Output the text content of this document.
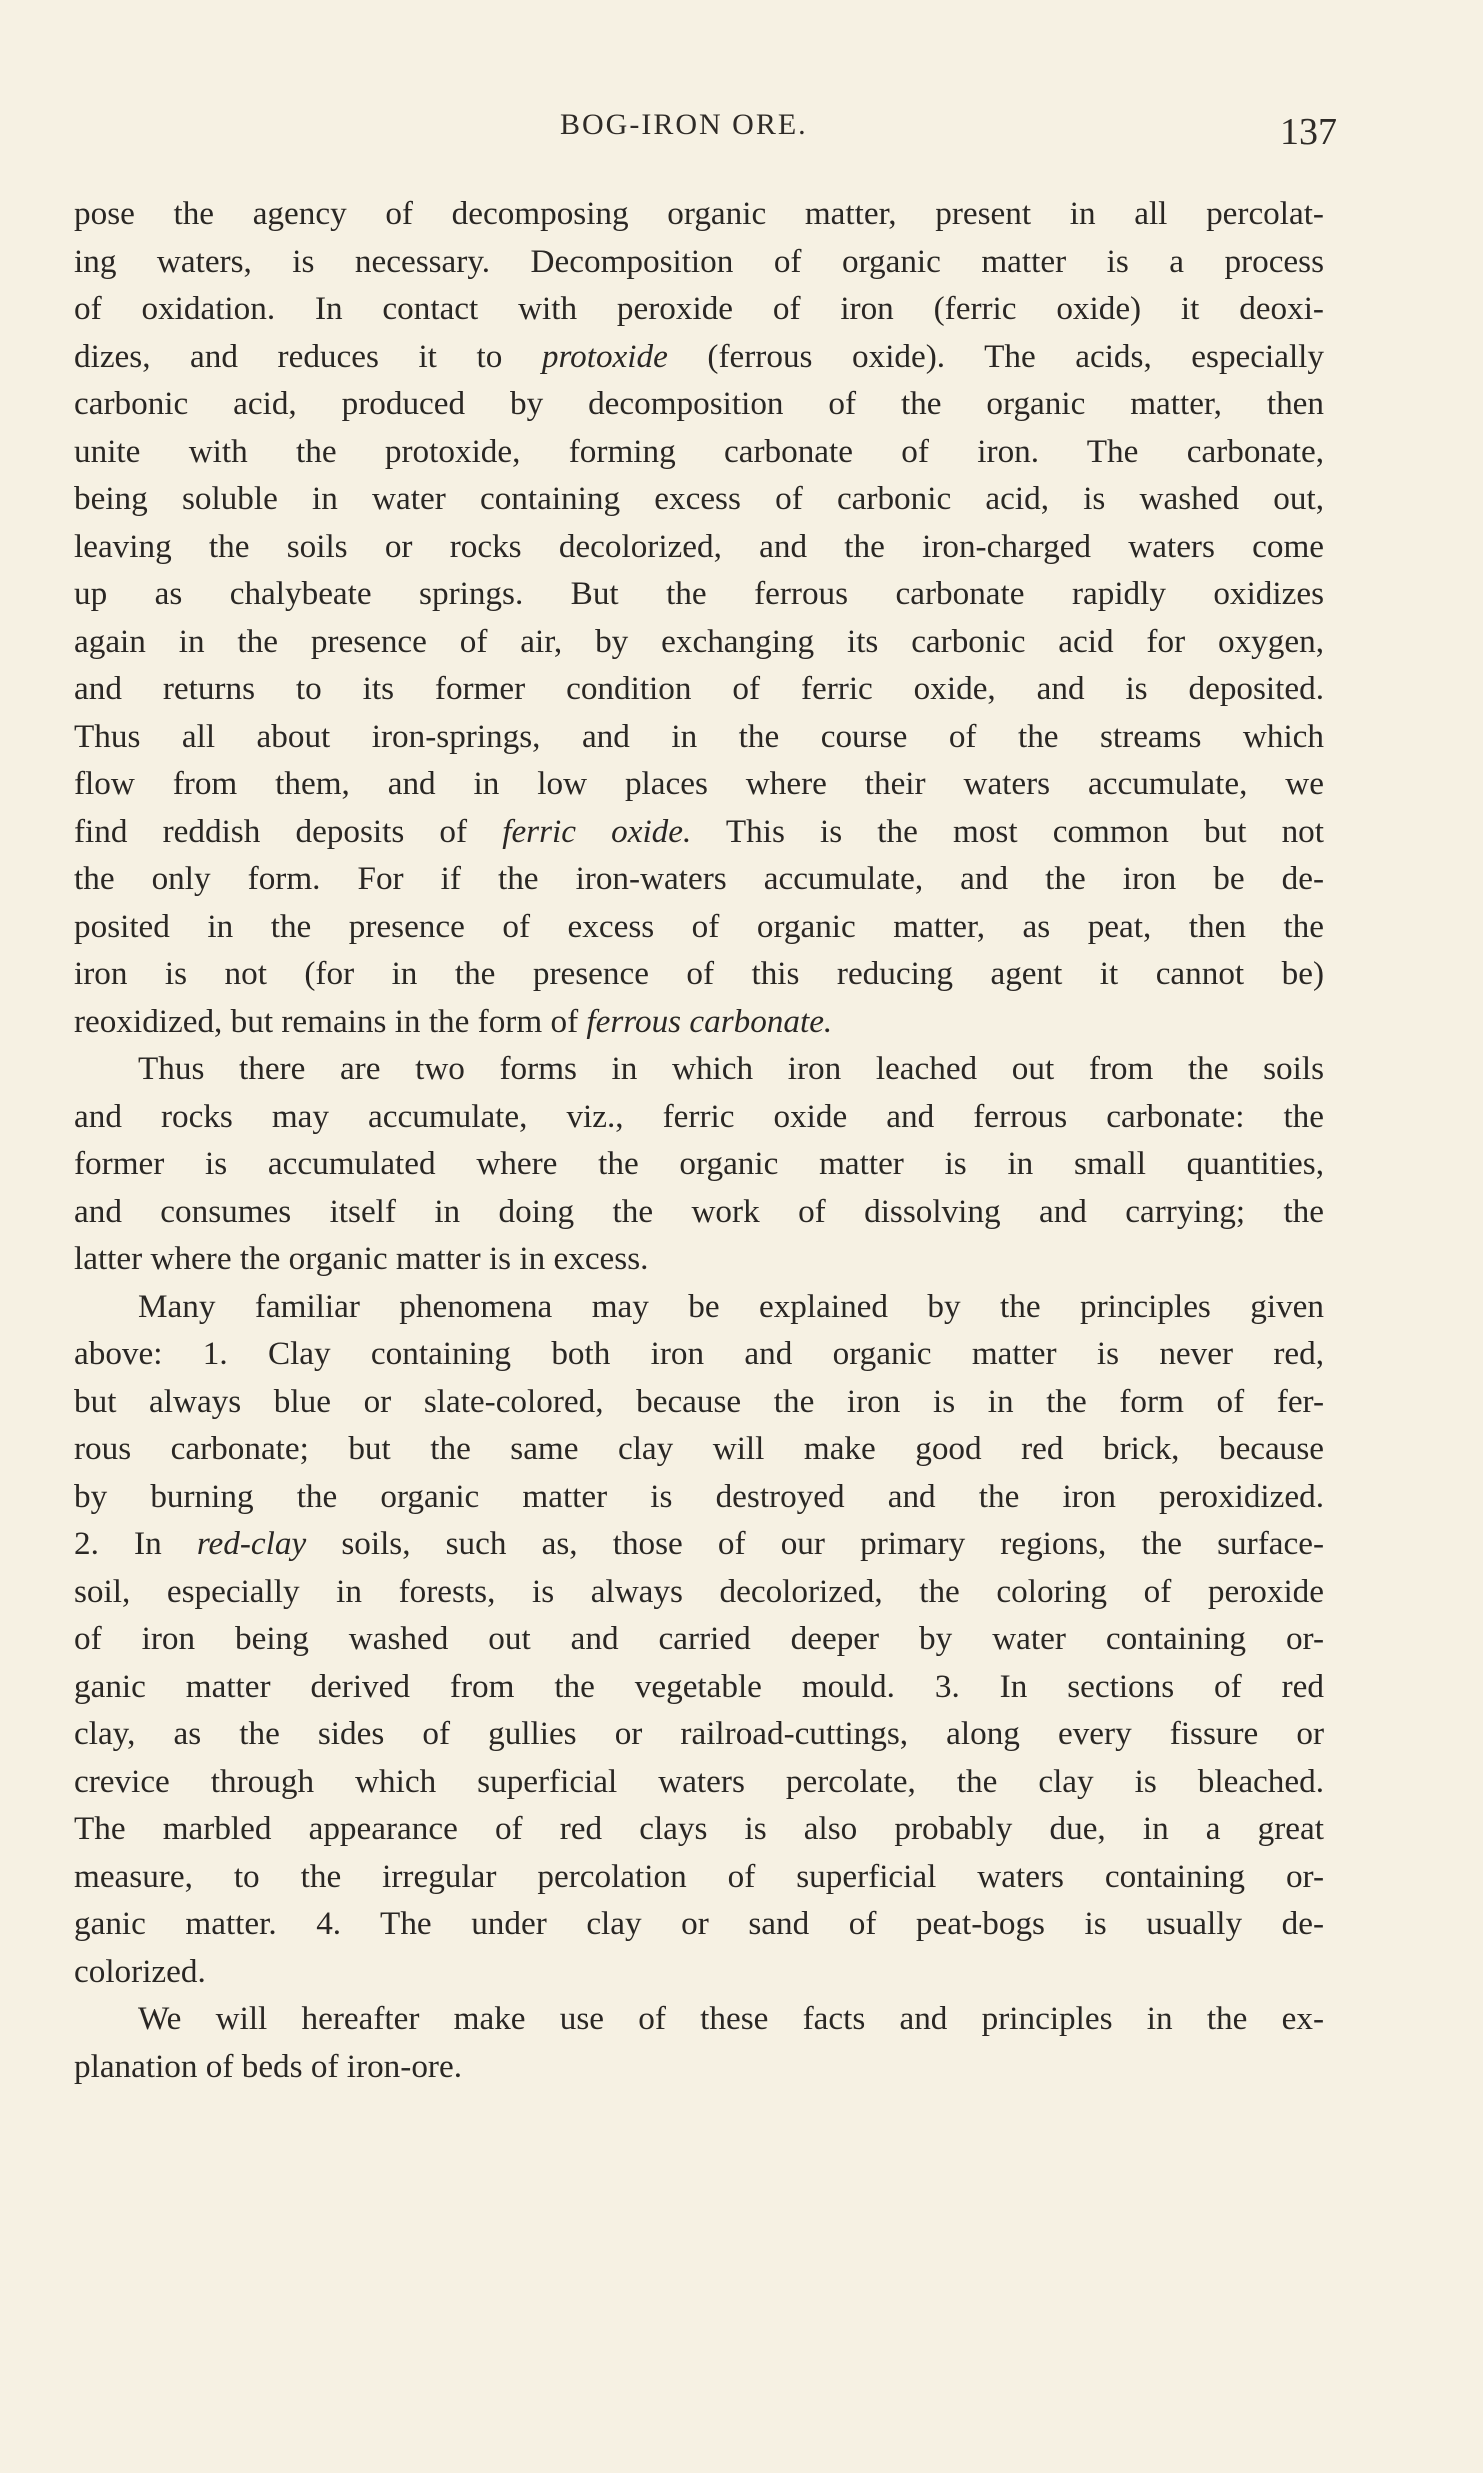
BOG-IRON ORE.	137
pose the agency of decomposing organic matter, present in all percolat-
ing waters, is necessary. Decomposition of organic matter is a process
of oxidation. In contact with peroxide of iron (ferric oxide) it deoxi-
dizes, and reduces it to protoxide (ferrous oxide). The acids, especially
carbonic acid, produced by decomposition of the organic matter, then
unite with the protoxide, forming carbonate of iron. The carbonate,
being soluble in water containing excess of carbonic acid, is washed out,
leaving the soils or rocks decolorized, and the iron-charged waters come
up as chalybeate springs. But the ferrous carbonate rapidly oxidizes
again in the presence of air, by exchanging its carbonic acid for oxygen,
and returns to its former condition of ferric oxide, and is deposited.
Thus all about iron-springs, and in the course of the streams which
flow from them, and in low places where their waters accumulate, we
find reddish deposits of ferric oxide. This is the most common but not
the only form. For if the iron-waters accumulate, and the iron be de-
posited in the presence of excess of organic matter, as peat, then the
iron is not (for in the presence of this reducing agent it cannot be)
reoxidized, but remains in the form of ferrous carbonate.
Thus there are two forms in which iron leached out from the soils
and rocks may accumulate, viz., ferric oxide and ferrous carbonate: the
former is accumulated where the organic matter is in small quantities,
and consumes itself in doing the work of dissolving and carrying; the
latter where the organic matter is in excess.
Many familiar phenomena may be explained by the principles given
above: 1. Clay containing both iron and organic matter is never red,
but always blue or slate-colored, because the iron is in the form of fer-
rous carbonate; but the same clay will make good red brick, because
by burning the organic matter is destroyed and the iron peroxidized.
2. In red-clay soils, such as, those of our primary regions, the surface-
soil, especially in forests, is always decolorized, the coloring of peroxide
of iron being washed out and carried deeper by water containing or-
ganic matter derived from the vegetable mould. 3. In sections of red
clay, as the sides of gullies or railroad-cuttings, along every fissure or
crevice through which superficial waters percolate, the clay is bleached.
The marbled appearance of red clays is also probably due, in a great
measure, to the irregular percolation of superficial waters containing or-
ganic matter. 4. The under clay or sand of peat-bogs is usually de-
colorized.
We will hereafter make use of these facts and principles in the ex-
planation of beds of iron-ore.
